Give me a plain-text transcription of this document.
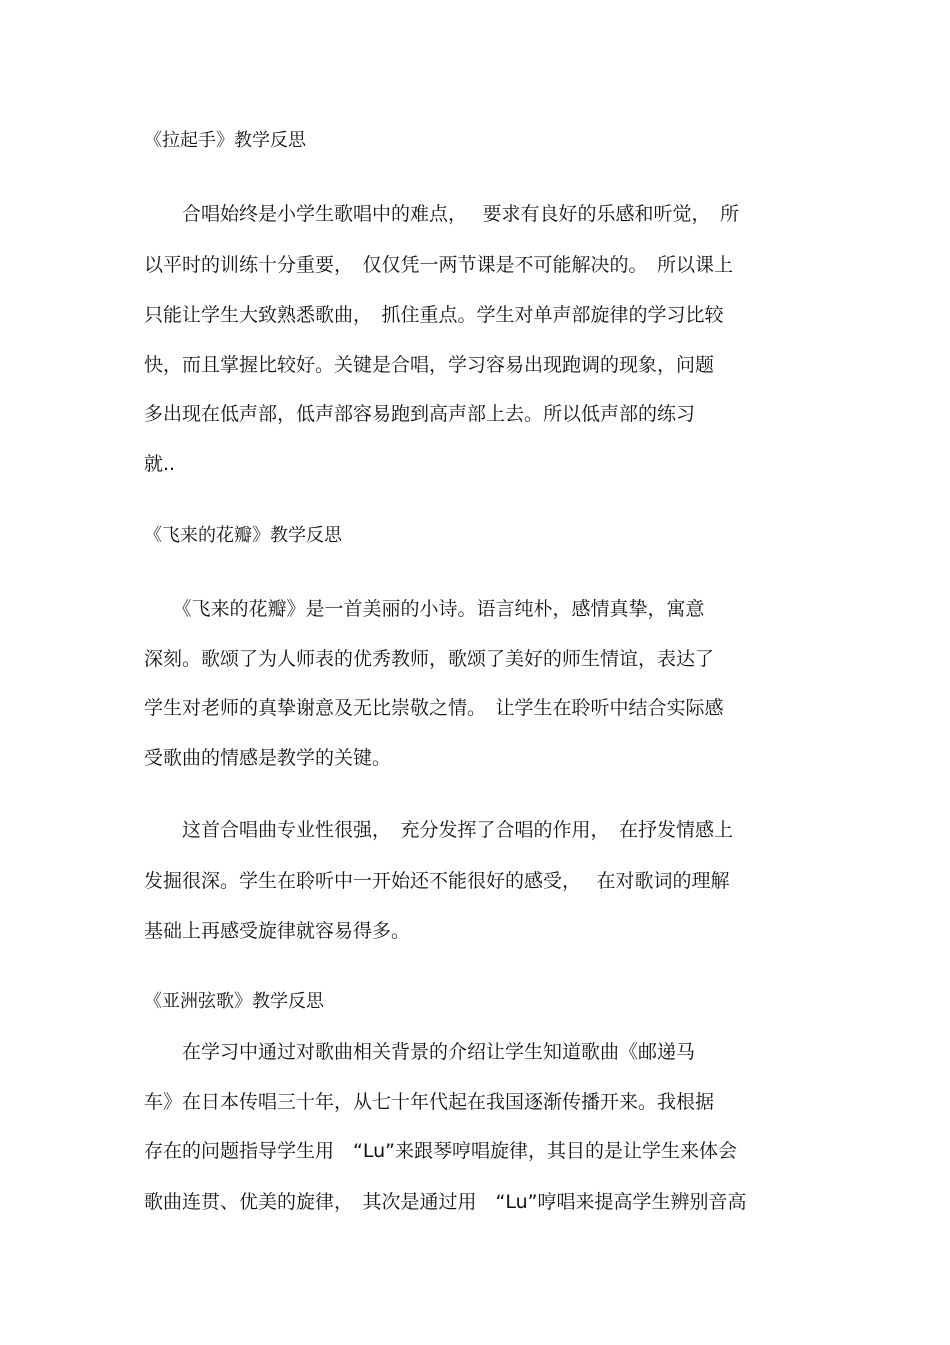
《拉起手》教学反思
　　合唱始终是小学生歌唱中的难点，　 要求有良好的乐感和听觉，　所
以平时的训练十分重要，　仅仅凭一两节课是不可能解决的。　所以课上
只能让学生大致熟悉歌曲，　抓住重点。学生对单声部旋律的学习比较
快，而且掌握比较好。关键是合唱，学习容易出现跑调的现象，问题
多出现在低声部，低声部容易跑到高声部上去。所以低声部的练习
就..
《飞来的花瓣》教学反思
　　《飞来的花瓣》是一首美丽的小诗。语言纯朴，感情真挚，寓意
深刻。歌颂了为人师表的优秀教师，歌颂了美好的师生情谊，表达了
学生对老师的真挚谢意及无比崇敬之情。　让学生在聆听中结合实际感
受歌曲的情感是教学的关键。
　　这首合唱曲专业性很强，　充分发挥了合唱的作用，　在抒发情感上
发掘很深。学生在聆听中一开始还不能很好的感受，　 在对歌词的理解
基础上再感受旋律就容易得多。
《亚洲弦歌》教学反思
　　在学习中通过对歌曲相关背景的介绍让学生知道歌曲《邮递马
车》在日本传唱三十年，从七十年代起在我国逐渐传播开来。我根据
存在的问题指导学生用　“Lu”来跟琴哼唱旋律，其目的是让学生来体会
歌曲连贯、优美的旋律，　其次是通过用　“Lu”哼唱来提高学生辨别音高
